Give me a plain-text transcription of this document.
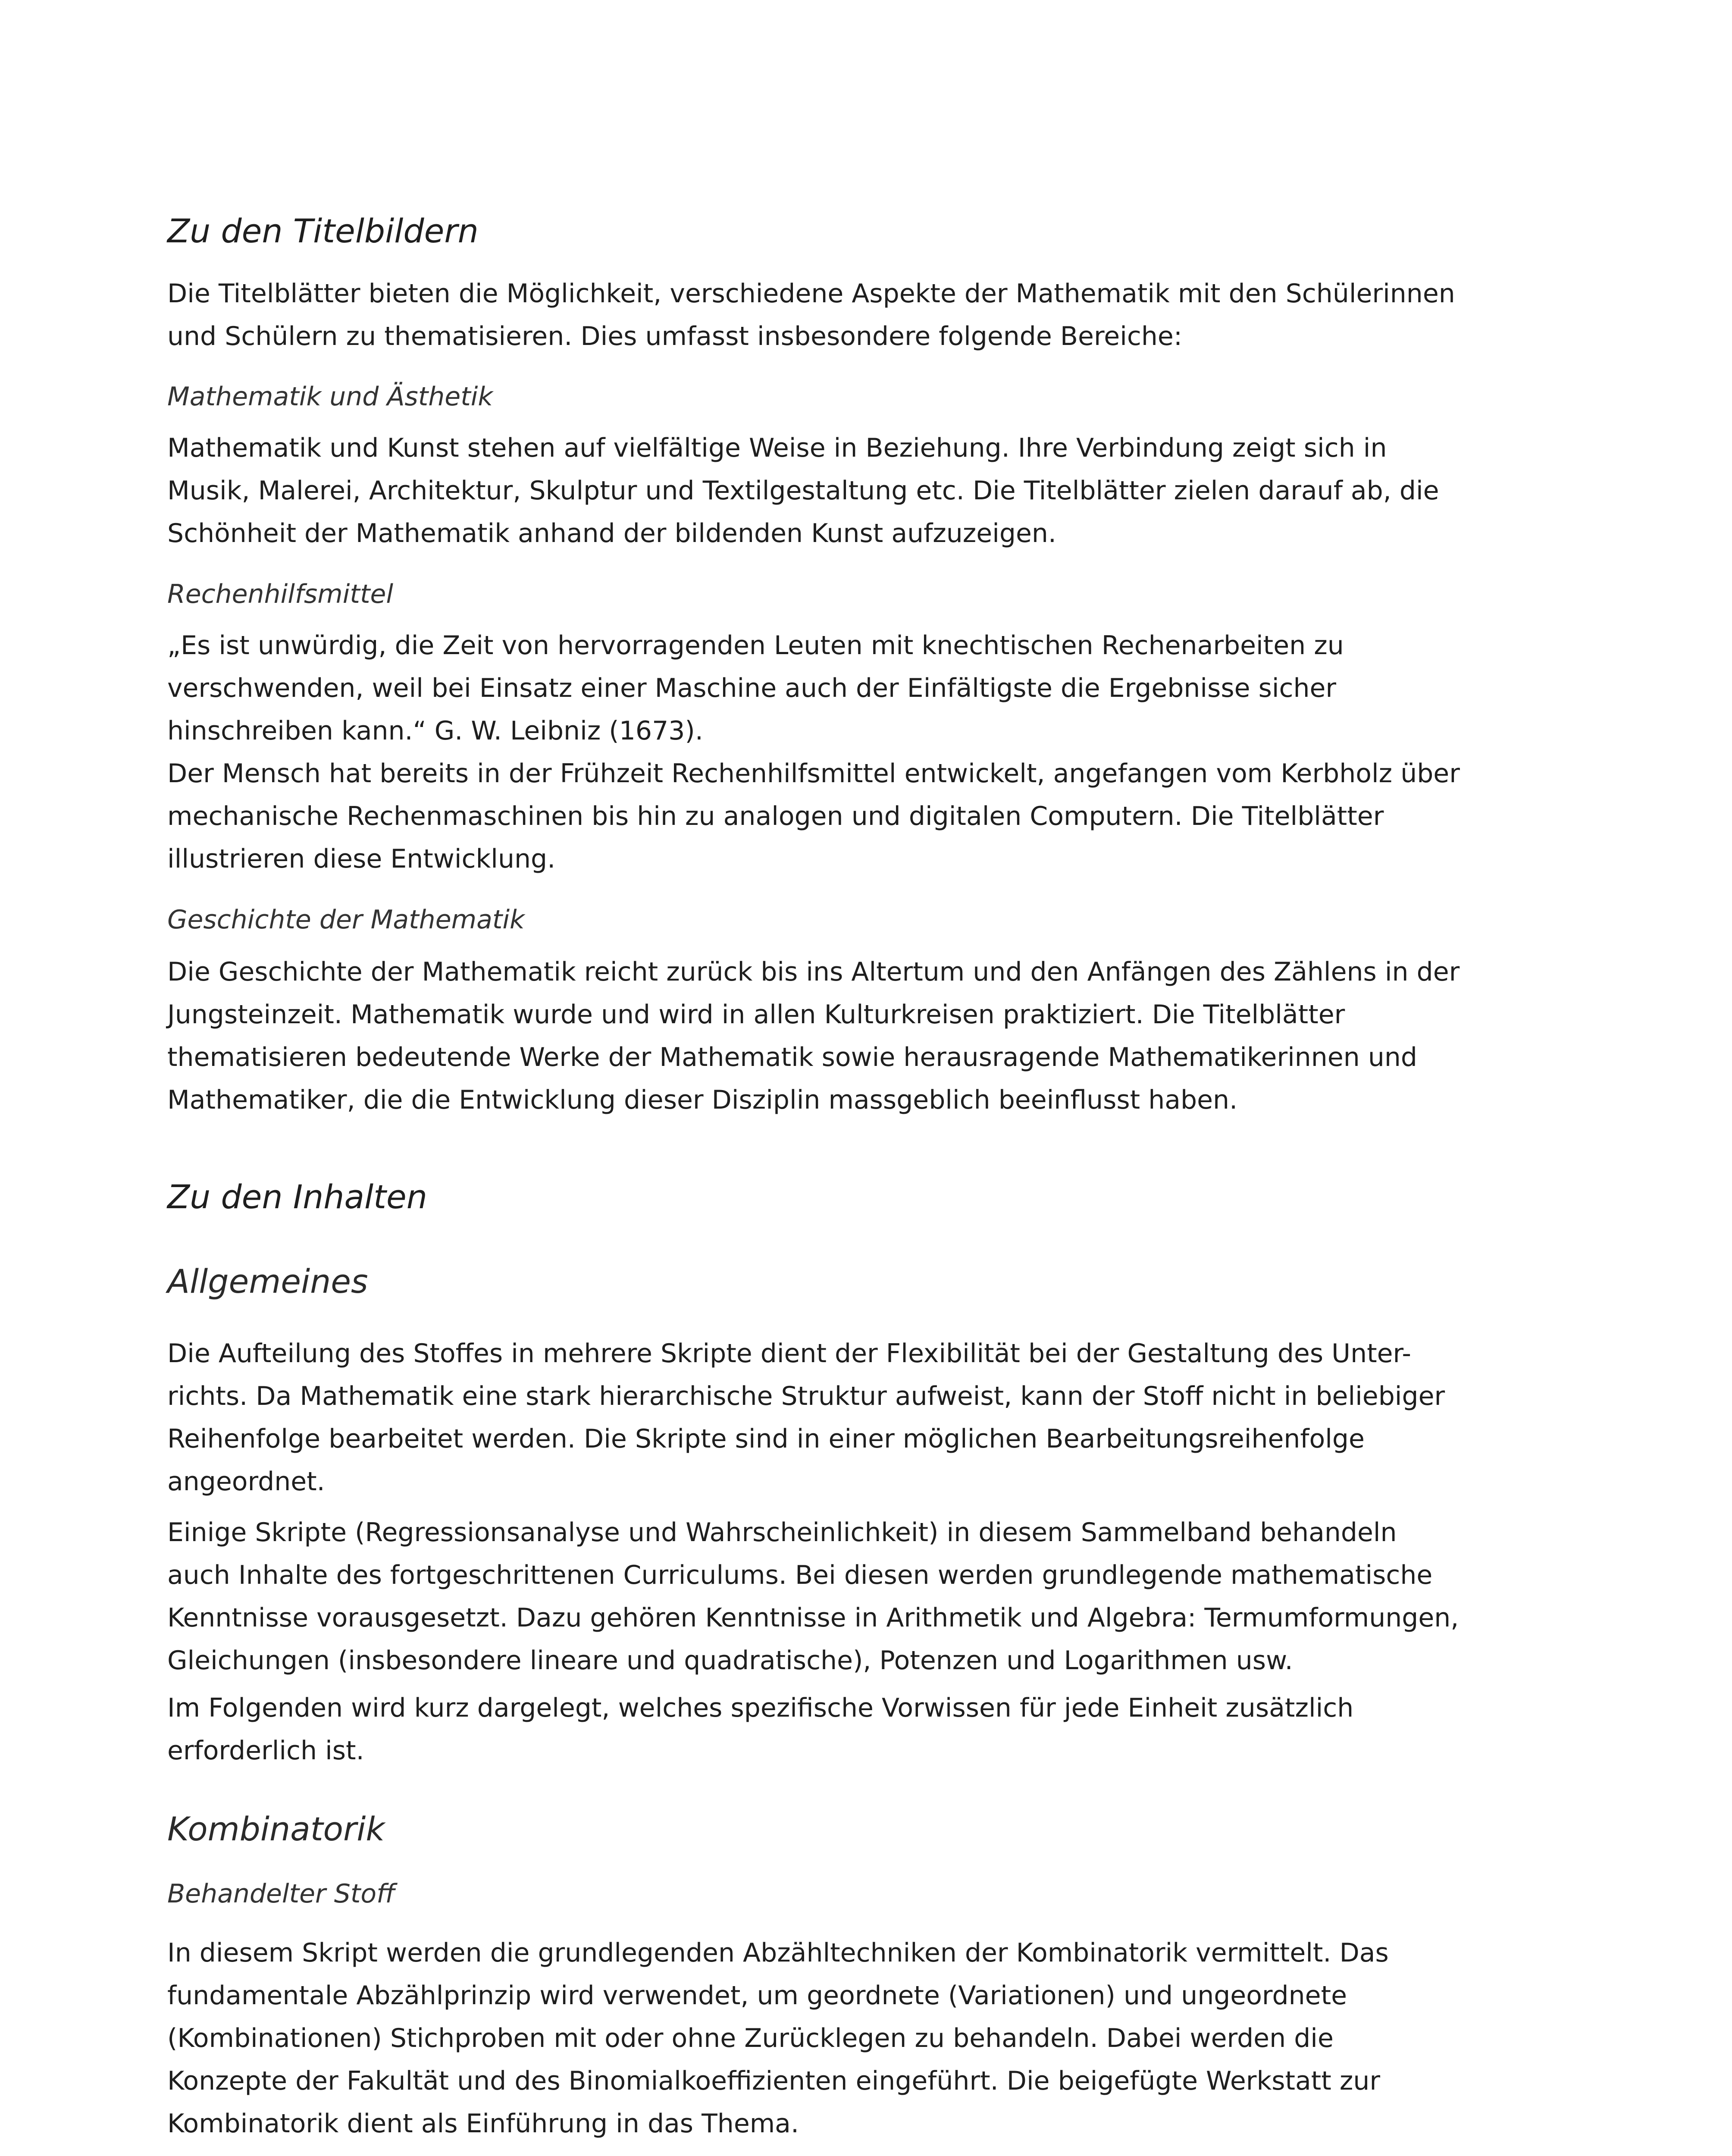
Zu den Titelbildern

Die Titelblätter bieten die Möglichkeit, verschiedene Aspekte der Mathematik mit den Schülerinnen
und Schülern zu thematisieren. Dies umfasst insbesondere folgende Bereiche:

Mathematik und Ästhetik

Mathematik und Kunst stehen auf vielfältige Weise in Beziehung. Ihre Verbindung zeigt sich in
Musik, Malerei, Architektur, Skulptur und Textilgestaltung etc. Die Titelblätter zielen darauf ab, die
Schönheit der Mathematik anhand der bildenden Kunst aufzuzeigen.

Rechenhilfsmittel

„Es ist unwürdig, die Zeit von hervorragenden Leuten mit knechtischen Rechenarbeiten zu
verschwenden, weil bei Einsatz einer Maschine auch der Einfältigste die Ergebnisse sicher
hinschreiben kann.“ G. W. Leibniz (1673).
Der Mensch hat bereits in der Frühzeit Rechenhilfsmittel entwickelt, angefangen vom Kerbholz über
mechanische Rechenmaschinen bis hin zu analogen und digitalen Computern. Die Titelblätter
illustrieren diese Entwicklung.

Geschichte der Mathematik

Die Geschichte der Mathematik reicht zurück bis ins Altertum und den Anfängen des Zählens in der
Jungsteinzeit. Mathematik wurde und wird in allen Kulturkreisen praktiziert. Die Titelblätter
thematisieren bedeutende Werke der Mathematik sowie herausragende Mathematikerinnen und
Mathematiker, die die Entwicklung dieser Disziplin massgeblich beeinflusst haben.

Zu den Inhalten
Allgemeines

Die Aufteilung des Stoffes in mehrere Skripte dient der Flexibilität bei der Gestaltung des Unter-
richts. Da Mathematik eine stark hierarchische Struktur aufweist, kann der Stoff nicht in beliebiger
Reihenfolge bearbeitet werden. Die Skripte sind in einer möglichen Bearbeitungsreihenfolge
angeordnet.

Einige Skripte (Regressionsanalyse und Wahrscheinlichkeit) in diesem Sammelband behandeln
auch Inhalte des fortgeschrittenen Curriculums. Bei diesen werden grundlegende mathematische
Kenntnisse vorausgesetzt. Dazu gehören Kenntnisse in Arithmetik und Algebra: Termumformungen,
Gleichungen (insbesondere lineare und quadratische), Potenzen und Logarithmen usw.

Im Folgenden wird kurz dargelegt, welches spezifische Vorwissen für jede Einheit zusätzlich
erforderlich ist.

Kombinatorik
Behandelter Stoff

In diesem Skript werden die grundlegenden Abzähltechniken der Kombinatorik vermittelt. Das
fundamentale Abzählprinzip wird verwendet, um geordnete (Variationen) und ungeordnete
(Kombinationen) Stichproben mit oder ohne Zurücklegen zu behandeln. Dabei werden die
Konzepte der Fakultät und des Binomialkoeffizienten eingeführt. Die beigefügte Werkstatt zur
Kombinatorik dient als Einführung in das Thema.
